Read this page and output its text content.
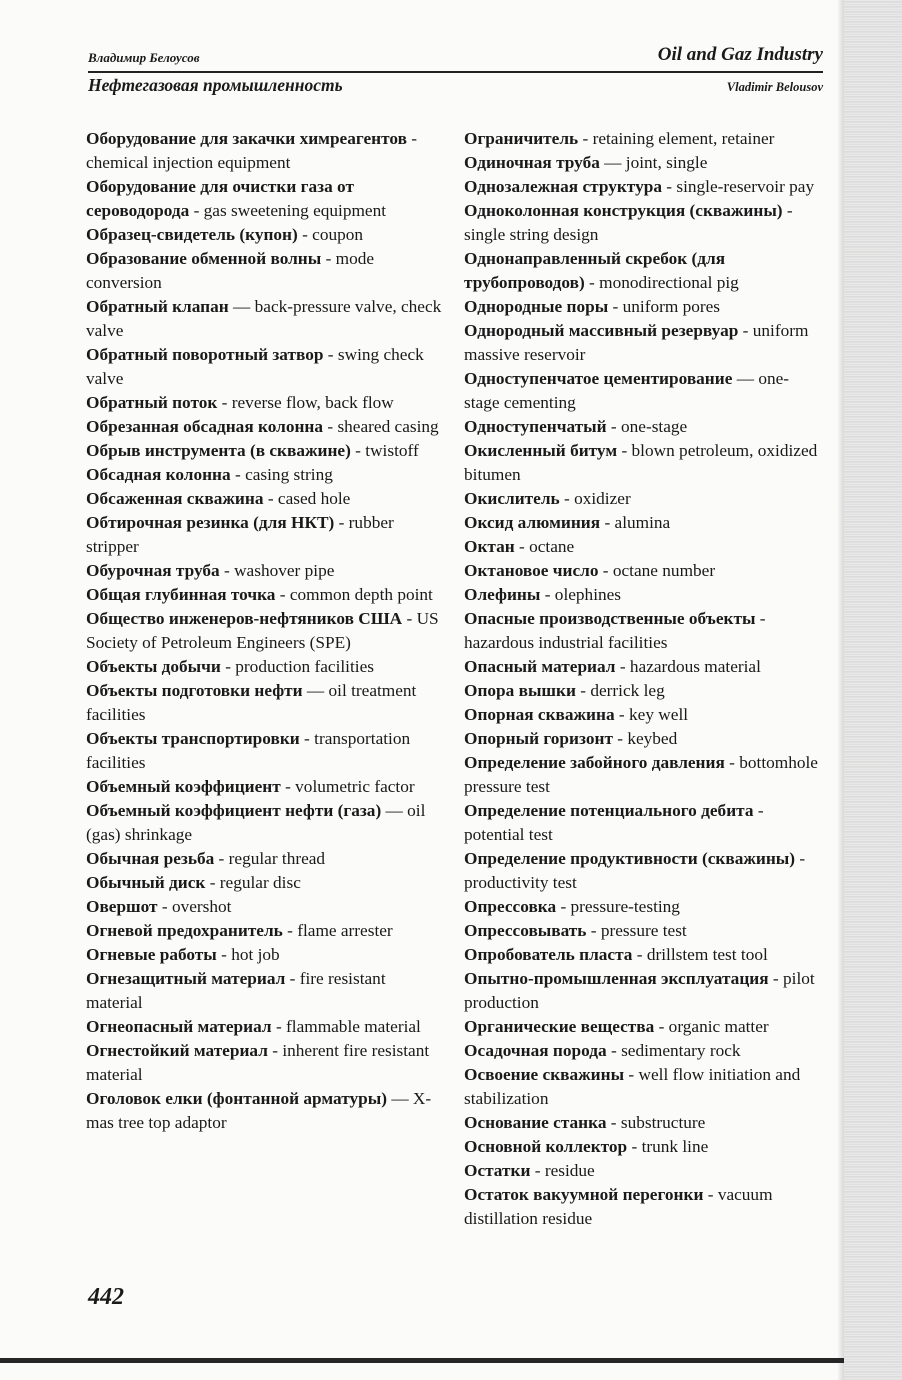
Владимир Белоусов	Oil and Gaz Industry
Нефтегазовая промышленность	Vladimir Belousov

Оборудование для закачки химреагентов - chemical injection equipment

Оборудование для очистки газа от сероводорода - gas sweetening equipment

Образец-свидетель (купон) - coupon

Образование обменной волны - mode conversion

Обратный клапан — back-pressure valve, check valve

Обратный поворотный затвор - swing check valve

Обратный поток - reverse flow, back flow

Обрезанная обсадная колонна - sheared casing

Обрыв инструмента (в скважине) - twistoff

Обсадная колонна - casing string

Обсаженная скважина - cased hole

Обтирочная резинка (для НКТ) - rubber stripper

Обурочная труба - washover pipe

Общая глубинная точка - common depth point

Общество инженеров-нефтяников США - US Society of Petroleum Engineers (SPE)

Объекты добычи - production facilities

Объекты подготовки нефти — oil treatment facilities

Объекты транспортировки - transportation facilities

Объемный коэффициент - volumetric factor

Объемный коэффициент нефти (газа) — oil (gas) shrinkage

Обычная резьба - regular thread

Обычный диск - regular disc

Овершот - overshot

Огневой предохранитель - flame arrester

Огневые работы - hot job

Огнезащитный материал - fire resistant material

Огнеопасный материал - flammable material

Огнестойкий материал - inherent fire resistant material

Оголовок елки (фонтанной арматуры) — X-mas tree top adaptor

Ограничитель - retaining element, retainer

Одиночная труба — joint, single

Однозалежная структура - single-reservoir pay

Одноколонная конструкция (скважины) - single string design

Однонаправленный скребок (для трубопроводов) - monodirectional pig

Однородные поры - uniform pores

Однородный массивный резервуар - uniform massive reservoir

Одноступенчатое цементирование — one-stage cementing

Одноступенчатый - one-stage

Окисленный битум - blown petroleum, oxidized bitumen

Окислитель - oxidizer

Оксид алюминия - alumina

Октан - octane

Октановое число - octane number

Олефины - olephines

Опасные производственные объекты - hazardous industrial facilities

Опасный материал - hazardous material

Опора вышки - derrick leg

Опорная скважина - key well

Опорный горизонт - keybed

Определение забойного давления - bottomhole pressure test

Определение потенциального дебита - potential test

Определение продуктивности (скважины) - productivity test

Опрессовка - pressure-testing

Опрессовывать - pressure test

Опробователь пласта - drillstem test tool

Опытно-промышленная эксплуатация - pilot production

Органические вещества - organic matter

Осадочная порода - sedimentary rock

Освоение скважины - well flow initiation and stabilization

Основание станка - substructure

Основной коллектор - trunk line

Остатки - residue

Остаток вакуумной перегонки - vacuum distillation residue

442
